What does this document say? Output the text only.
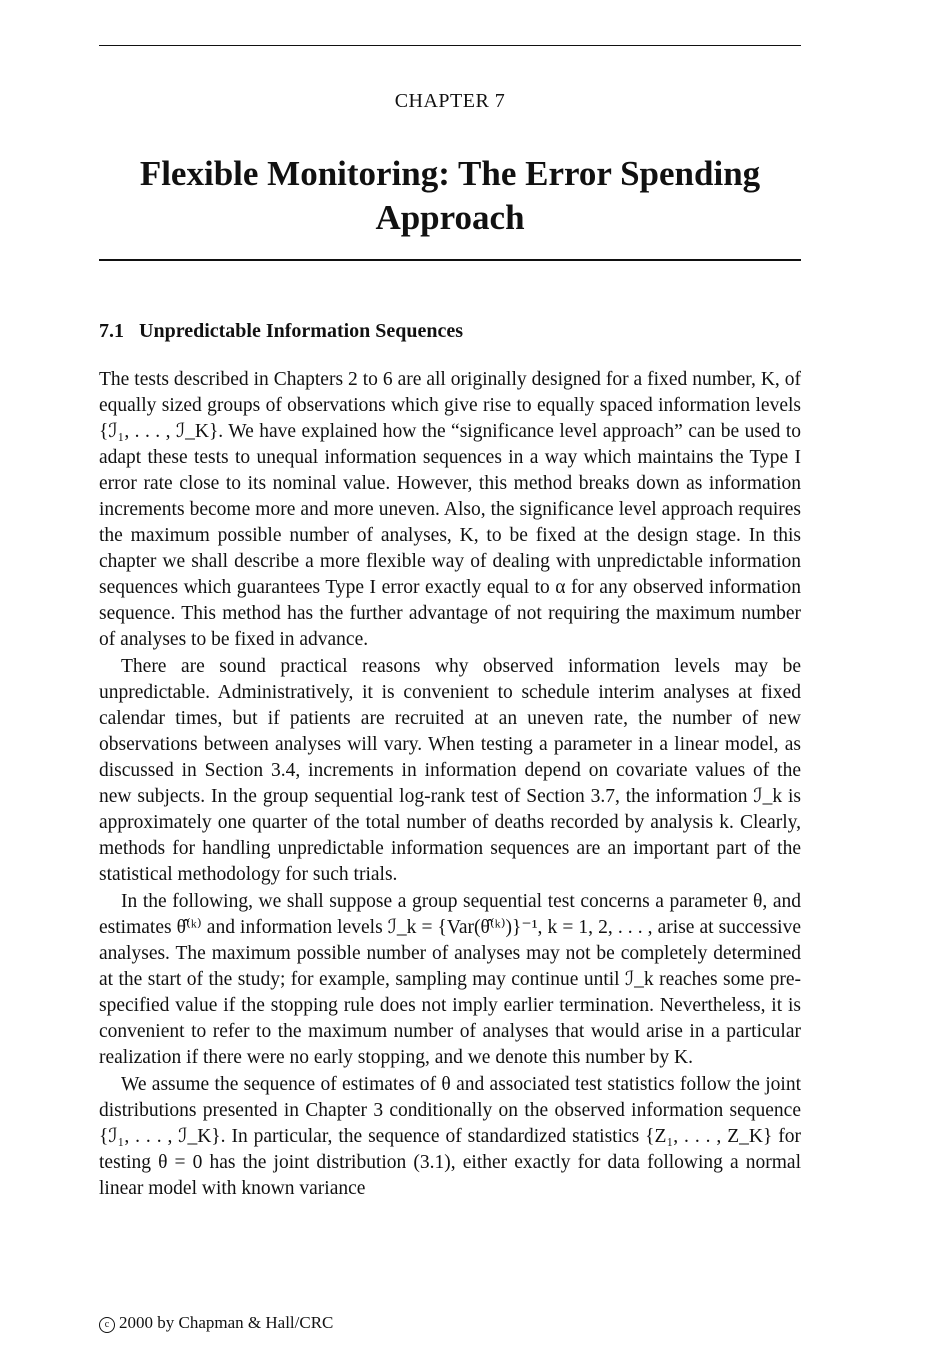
CHAPTER 7
Flexible Monitoring: The Error Spending Approach
7.1 Unpredictable Information Sequences

The tests described in Chapters 2 to 6 are all originally designed for a fixed number, K, of equally sized groups of observations which give rise to equally spaced information levels {ℐ₁, . . . , ℐ_K}. We have explained how the “significance level approach” can be used to adapt these tests to unequal information sequences in a way which maintains the Type I error rate close to its nominal value. However, this method breaks down as information increments become more and more uneven. Also, the significance level approach requires the maximum possible number of analyses, K, to be fixed at the design stage. In this chapter we shall describe a more flexible way of dealing with unpredictable information sequences which guarantees Type I error exactly equal to α for any observed information sequence. This method has the further advantage of not requiring the maximum number of analyses to be fixed in advance.

There are sound practical reasons why observed information levels may be unpredictable. Administratively, it is convenient to schedule interim analyses at fixed calendar times, but if patients are recruited at an uneven rate, the number of new observations between analyses will vary. When testing a parameter in a linear model, as discussed in Section 3.4, increments in information depend on covariate values of the new subjects. In the group sequential log-rank test of Section 3.7, the information ℐ_k is approximately one quarter of the total number of deaths recorded by analysis k. Clearly, methods for handling unpredictable information sequences are an important part of the statistical methodology for such trials.

In the following, we shall suppose a group sequential test concerns a parameter θ, and estimates θ̂⁽ᵏ⁾ and information levels ℐ_k = {Var(θ̂⁽ᵏ⁾)}⁻¹, k = 1, 2, . . . , arise at successive analyses. The maximum possible number of analyses may not be completely determined at the start of the study; for example, sampling may continue until ℐ_k reaches some pre-specified value if the stopping rule does not imply earlier termination. Nevertheless, it is convenient to refer to the maximum number of analyses that would arise in a particular realization if there were no early stopping, and we denote this number by K.

We assume the sequence of estimates of θ and associated test statistics follow the joint distributions presented in Chapter 3 conditionally on the observed information sequence {ℐ₁, . . . , ℐ_K}. In particular, the sequence of standardized statistics {Z₁, . . . , Z_K} for testing θ = 0 has the joint distribution (3.1), either exactly for data following a normal linear model with known variance

c 2000 by Chapman & Hall/CRC
